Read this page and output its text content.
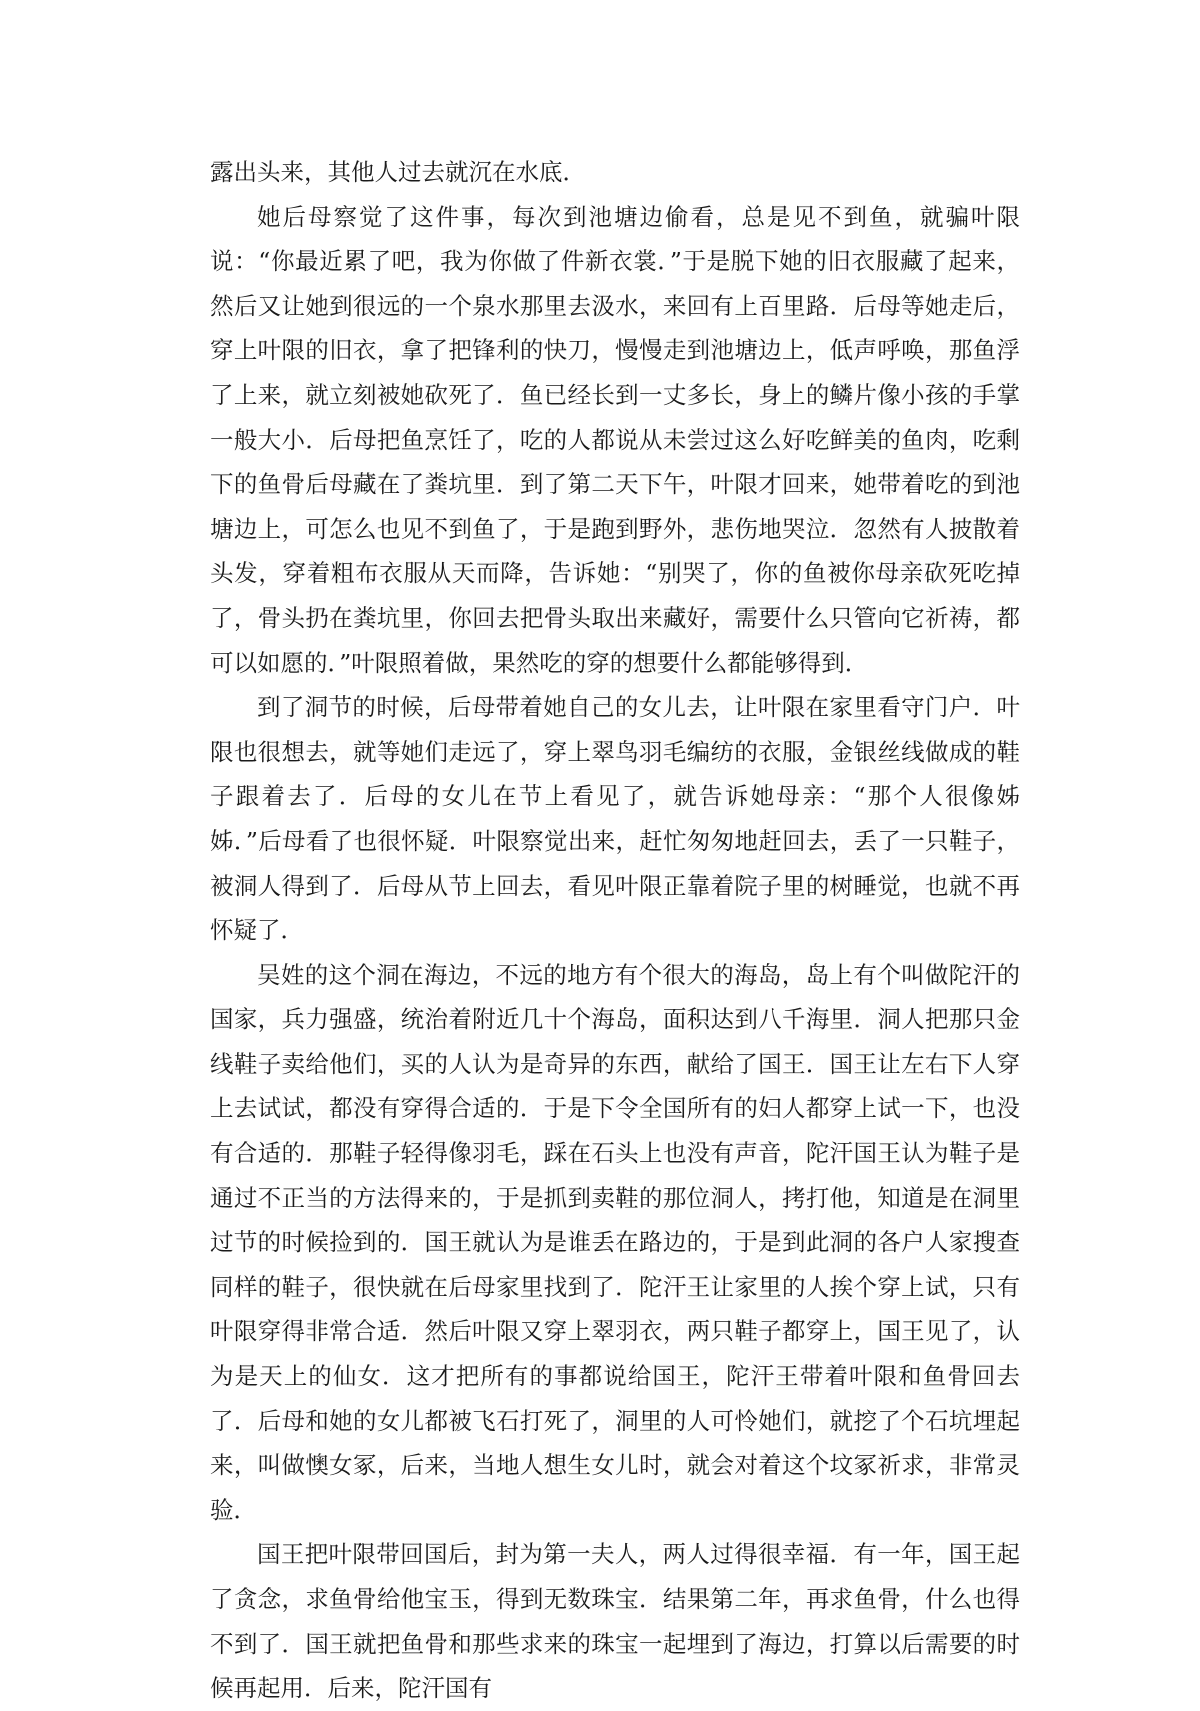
露出头来，其他人过去就沉在水底．

她后母察觉了这件事，每次到池塘边偷看，总是见不到鱼，就骗叶限说：“你最近累了吧，我为你做了件新衣裳．”于是脱下她的旧衣服藏了起来，然后又让她到很远的一个泉水那里去汲水，来回有上百里路．后母等她走后，穿上叶限的旧衣，拿了把锋利的快刀，慢慢走到池塘边上，低声呼唤，那鱼浮了上来，就立刻被她砍死了．鱼已经长到一丈多长，身上的鳞片像小孩的手掌一般大小．后母把鱼烹饪了，吃的人都说从未尝过这么好吃鲜美的鱼肉，吃剩下的鱼骨后母藏在了粪坑里．到了第二天下午，叶限才回来，她带着吃的到池塘边上，可怎么也见不到鱼了，于是跑到野外，悲伤地哭泣．忽然有人披散着头发，穿着粗布衣服从天而降，告诉她：“别哭了，你的鱼被你母亲砍死吃掉了，骨头扔在粪坑里，你回去把骨头取出来藏好，需要什么只管向它祈祷，都可以如愿的．”叶限照着做，果然吃的穿的想要什么都能够得到．

到了洞节的时候，后母带着她自己的女儿去，让叶限在家里看守门户．叶限也很想去，就等她们走远了，穿上翠鸟羽毛编纺的衣服，金银丝线做成的鞋子跟着去了．后母的女儿在节上看见了，就告诉她母亲：“那个人很像姊姊．”后母看了也很怀疑．叶限察觉出来，赶忙匆匆地赶回去，丢了一只鞋子，被洞人得到了．后母从节上回去，看见叶限正靠着院子里的树睡觉，也就不再怀疑了．

吴姓的这个洞在海边，不远的地方有个很大的海岛，岛上有个叫做陀汗的国家，兵力强盛，统治着附近几十个海岛，面积达到八千海里．洞人把那只金线鞋子卖给他们，买的人认为是奇异的东西，献给了国王．国王让左右下人穿上去试试，都没有穿得合适的．于是下令全国所有的妇人都穿上试一下，也没有合适的．那鞋子轻得像羽毛，踩在石头上也没有声音，陀汗国王认为鞋子是通过不正当的方法得来的，于是抓到卖鞋的那位洞人，拷打他，知道是在洞里过节的时候捡到的．国王就认为是谁丢在路边的，于是到此洞的各户人家搜查同样的鞋子，很快就在后母家里找到了．陀汗王让家里的人挨个穿上试，只有叶限穿得非常合适．然后叶限又穿上翠羽衣，两只鞋子都穿上，国王见了，认为是天上的仙女．这才把所有的事都说给国王，陀汗王带着叶限和鱼骨回去了．后母和她的女儿都被飞石打死了，洞里的人可怜她们，就挖了个石坑埋起来，叫做懊女冢，后来，当地人想生女儿时，就会对着这个坟冢祈求，非常灵验．

国王把叶限带回国后，封为第一夫人，两人过得很幸福．有一年，国王起了贪念，求鱼骨给他宝玉，得到无数珠宝．结果第二年，再求鱼骨，什么也得不到了．国王就把鱼骨和那些求来的珠宝一起埋到了海边，打算以后需要的时候再起用．后来，陀汗国有
